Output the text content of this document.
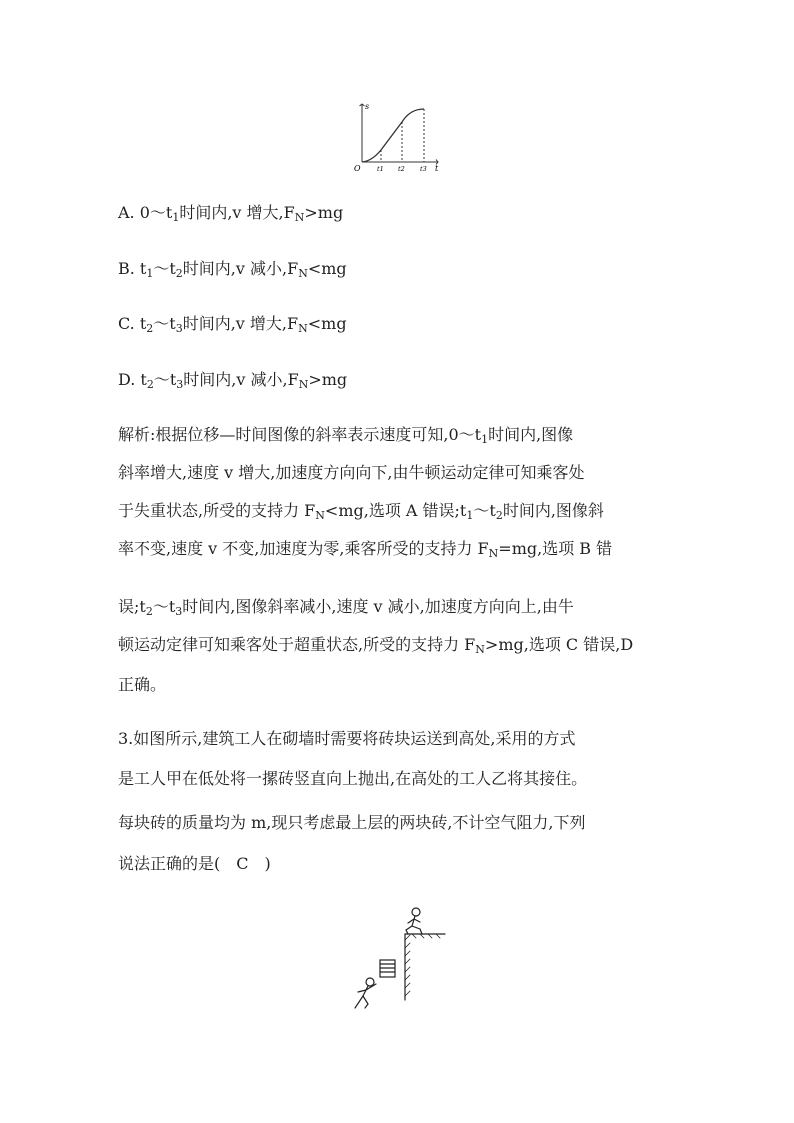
s
t
O	t1 t2 t3
A. $0\sim t_1$时间内,v 增大$,F_N>mg$
B. $t_1\sim t_2$时间内,v 减小$,F_N<mg$
C. $t_2\sim t_3$时间内,v 增大$,F_N<mg$
D. $t_2\sim t_3$时间内,v 减小$,F_N>mg$
解析:根据位移—时间图像的斜率表示速度可知$,0\sim t_1$时间内,图像
斜率增大,速度 v 增大,加速度方向向下,由牛顿运动定律可知乘客处
于失重状态,所受的支持力 $F_N<mg$,选项 A 错误$;t_1\sim t_2$时间内,图像斜
率不变,速度 v 不变,加速度为零,乘客所受的支持力 $F_N=mg$,选项 B 错
误$;t_2\sim t_3$时间内,图像斜率减小,速度 v 减小,加速度方向向上,由牛
顿运动定律可知乘客处于超重状态,所受的支持力 $F_N>mg$,选项 C 错误,D
正确。
3.如图所示,建筑工人在砌墙时需要将砖块运送到高处,采用的方式
是工人甲在低处将一摞砖竖直向上抛出,在高处的工人乙将其接住。
每块砖的质量均为 m,现只考虑最上层的两块砖,不计空气阻力,下列
说法正确的是(　C　)
